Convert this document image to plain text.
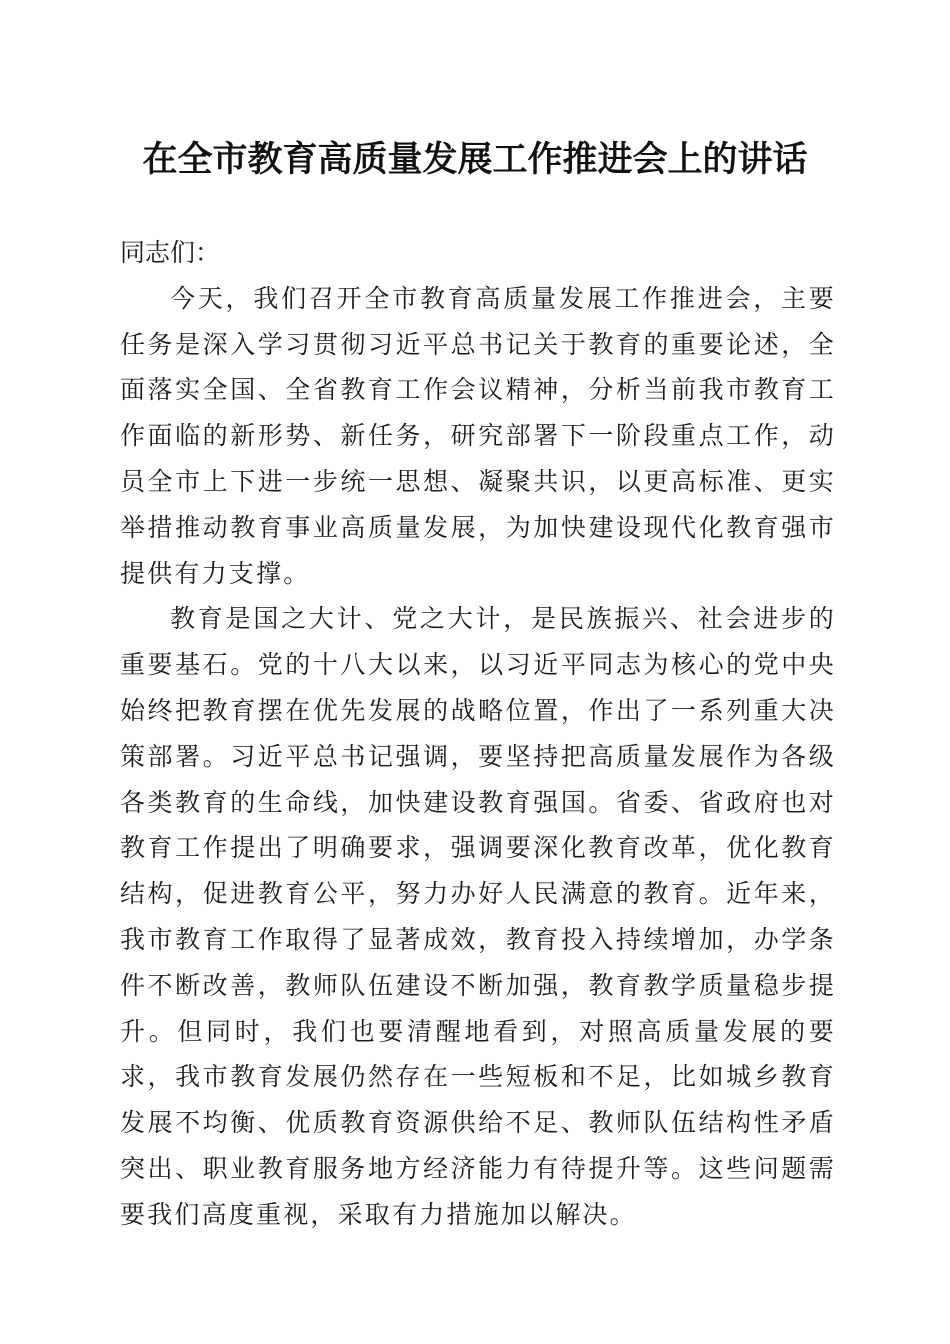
在全市教育高质量发展工作推进会上的讲话

同志们：

今天，我们召开全市教育高质量发展工作推进会，主要任务是深入学习贯彻习近平总书记关于教育的重要论述，全面落实全国、全省教育工作会议精神，分析当前我市教育工作面临的新形势、新任务，研究部署下一阶段重点工作，动员全市上下进一步统一思想、凝聚共识，以更高标准、更实举措推动教育事业高质量发展，为加快建设现代化教育强市提供有力支撑。

教育是国之大计、党之大计，是民族振兴、社会进步的重要基石。党的十八大以来，以习近平同志为核心的党中央始终把教育摆在优先发展的战略位置，作出了一系列重大决策部署。习近平总书记强调，要坚持把高质量发展作为各级各类教育的生命线，加快建设教育强国。省委、省政府也对教育工作提出了明确要求，强调要深化教育改革，优化教育结构，促进教育公平，努力办好人民满意的教育。近年来，我市教育工作取得了显著成效，教育投入持续增加，办学条件不断改善，教师队伍建设不断加强，教育教学质量稳步提升。但同时，我们也要清醒地看到，对照高质量发展的要求，我市教育发展仍然存在一些短板和不足，比如城乡教育发展不均衡、优质教育资源供给不足、教师队伍结构性矛盾突出、职业教育服务地方经济能力有待提升等。这些问题需要我们高度重视，采取有力措施加以解决。
